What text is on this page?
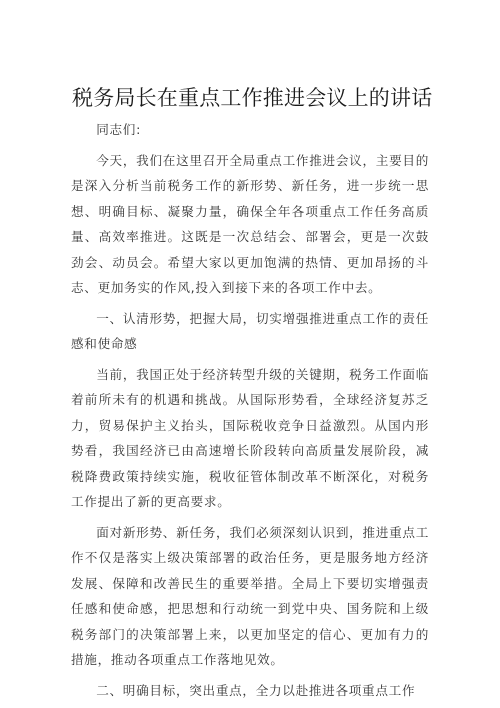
税务局长在重点工作推进会议上的讲话

同志们:

今天，我们在这里召开全局重点工作推进会议，主要目的是深入分析当前税务工作的新形势、新任务，进一步统一思想、明确目标、凝聚力量，确保全年各项重点工作任务高质量、高效率推进。这既是一次总结会、部署会，更是一次鼓劲会、动员会。希望大家以更加饱满的热情、更加昂扬的斗志、更加务实的作风,投入到接下来的各项工作中去。

一、认清形势，把握大局，切实增强推进重点工作的责任感和使命感

当前，我国正处于经济转型升级的关键期，税务工作面临着前所未有的机遇和挑战。从国际形势看，全球经济复苏乏力，贸易保护主义抬头，国际税收竞争日益激烈。从国内形势看，我国经济已由高速增长阶段转向高质量发展阶段，减税降费政策持续实施，税收征管体制改革不断深化，对税务工作提出了新的更高要求。

面对新形势、新任务，我们必须深刻认识到，推进重点工作不仅是落实上级决策部署的政治任务，更是服务地方经济发展、保障和改善民生的重要举措。全局上下要切实增强责任感和使命感，把思想和行动统一到党中央、国务院和上级税务部门的决策部署上来，以更加坚定的信心、更加有力的措施，推动各项重点工作落地见效。

二、明确目标，突出重点，全力以赴推进各项重点工作
